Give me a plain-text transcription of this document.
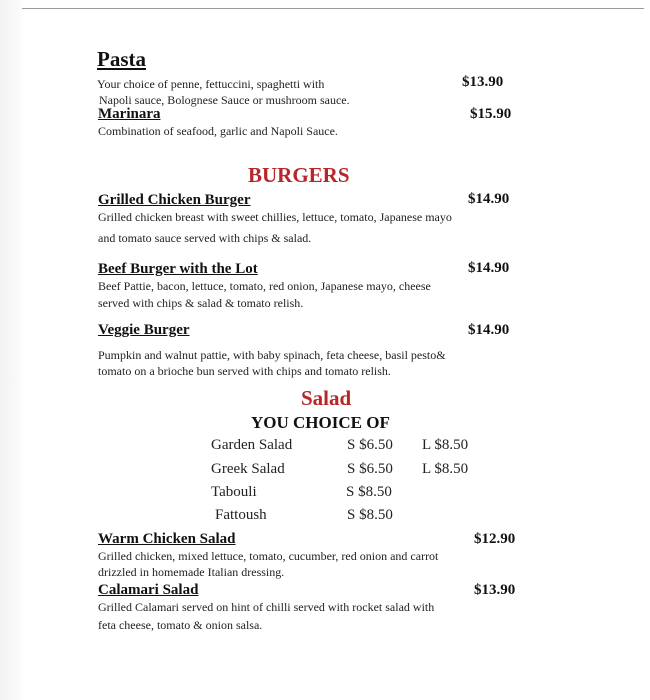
Pasta
Your choice of penne, fettuccini, spaghetti with	$13.90
Napoli sauce, Bolognese Sauce or mushroom sauce.
Marinara	$15.90
Combination of seafood, garlic and Napoli Sauce.
BURGERS
Grilled Chicken Burger	$14.90
Grilled chicken breast with sweet chillies, lettuce, tomato, Japanese mayo
and tomato sauce served with chips & salad.
Beef Burger with the Lot	$14.90
Beef Pattie, bacon, lettuce, tomato, red onion, Japanese mayo, cheese
served with chips & salad & tomato relish.
Veggie Burger	$14.90
Pumpkin and walnut pattie, with baby spinach, feta cheese, basil pesto&
tomato on a brioche bun served with chips and tomato relish.
Salad
YOU CHOICE OF
Garden Salad	S $6.50 L $8.50
Greek Salad	S $6.50 L $8.50
Tabouli	S $8.50
Fattoush	S $8.50
Warm Chicken Salad	$12.90
Grilled chicken, mixed lettuce, tomato, cucumber, red onion and carrot
drizzled in homemade Italian dressing.
Calamari Salad	$13.90
Grilled Calamari served on hint of chilli served with rocket salad with
feta cheese, tomato & onion salsa.
